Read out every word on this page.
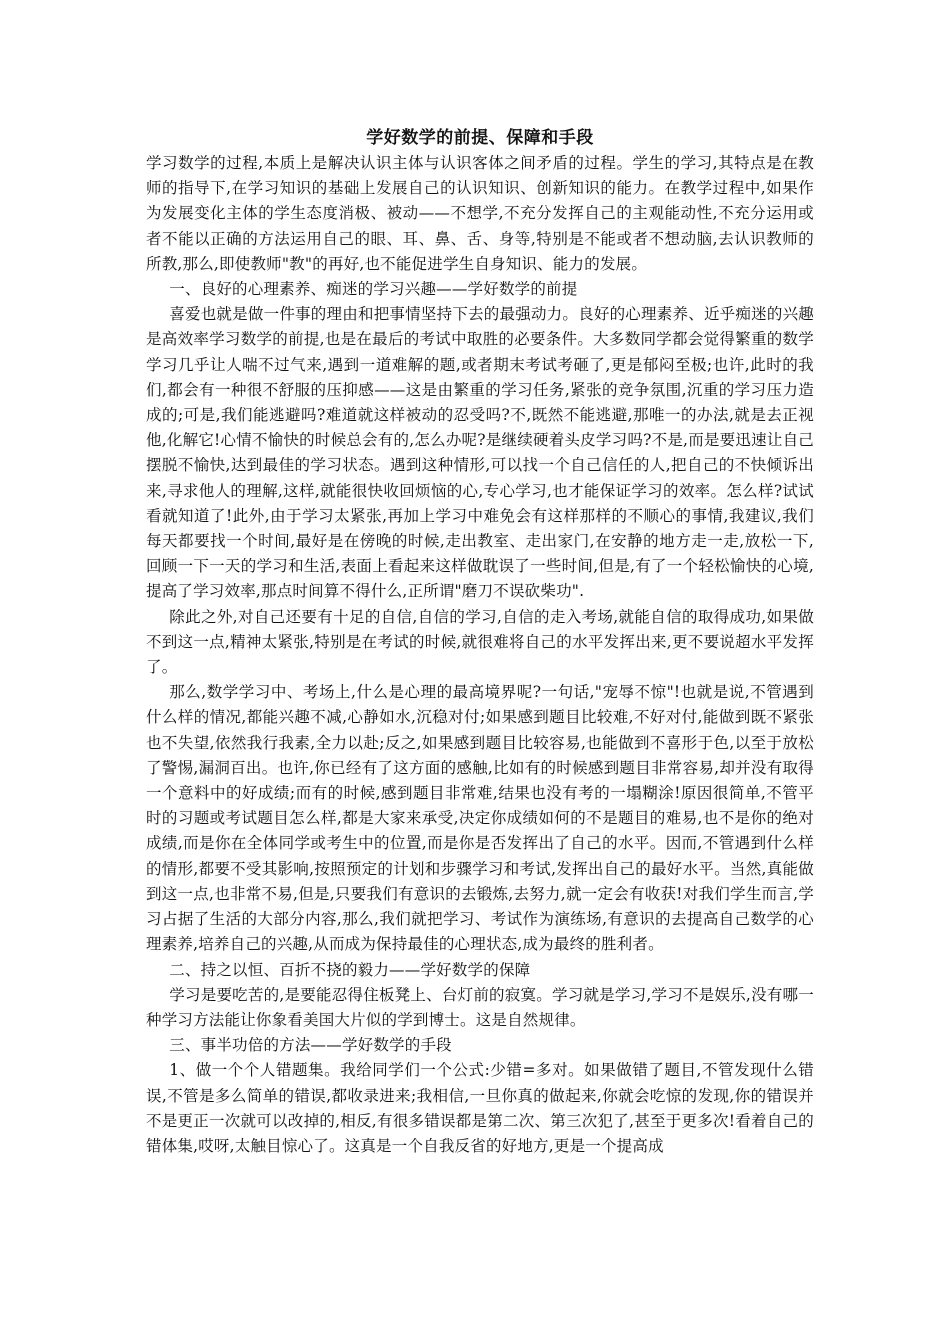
学好数学的前提、保障和手段

学习数学的过程,本质上是解决认识主体与认识客体之间矛盾的过程。学生的学习,其特点是在教师的指导下,在学习知识的基础上发展自己的认识知识、创新知识的能力。在教学过程中,如果作为发展变化主体的学生态度消极、被动——不想学,不充分发挥自己的主观能动性,不充分运用或者不能以正确的方法运用自己的眼、耳、鼻、舌、身等,特别是不能或者不想动脑,去认识教师的所教,那么,即使教师"教"的再好,也不能促进学生自身知识、能力的发展。

一、良好的心理素养、痴迷的学习兴趣——学好数学的前提

喜爱也就是做一件事的理由和把事情坚持下去的最强动力。良好的心理素养、近乎痴迷的兴趣是高效率学习数学的前提,也是在最后的考试中取胜的必要条件。大多数同学都会觉得繁重的数学学习几乎让人喘不过气来,遇到一道难解的题,或者期末考试考砸了,更是郁闷至极;也许,此时的我们,都会有一种很不舒服的压抑感——这是由繁重的学习任务,紧张的竞争氛围,沉重的学习压力造成的;可是,我们能逃避吗?难道就这样被动的忍受吗?不,既然不能逃避,那唯一的办法,就是去正视他,化解它!心情不愉快的时候总会有的,怎么办呢?是继续硬着头皮学习吗?不是,而是要迅速让自己摆脱不愉快,达到最佳的学习状态。遇到这种情形,可以找一个自己信任的人,把自己的不快倾诉出来,寻求他人的理解,这样,就能很快收回烦恼的心,专心学习,也才能保证学习的效率。怎么样?试试看就知道了!此外,由于学习太紧张,再加上学习中难免会有这样那样的不顺心的事情,我建议,我们每天都要找一个时间,最好是在傍晚的时候,走出教室、走出家门,在安静的地方走一走,放松一下,回顾一下一天的学习和生活,表面上看起来这样做耽误了一些时间,但是,有了一个轻松愉快的心境,提高了学习效率,那点时间算不得什么,正所谓"磨刀不误砍柴功".

除此之外,对自己还要有十足的自信,自信的学习,自信的走入考场,就能自信的取得成功,如果做不到这一点,精神太紧张,特别是在考试的时候,就很难将自己的水平发挥出来,更不要说超水平发挥了。

那么,数学学习中、考场上,什么是心理的最高境界呢?一句话,"宠辱不惊"!也就是说,不管遇到什么样的情况,都能兴趣不减,心静如水,沉稳对付;如果感到题目比较难,不好对付,能做到既不紧张也不失望,依然我行我素,全力以赴;反之,如果感到题目比较容易,也能做到不喜形于色,以至于放松了警惕,漏洞百出。也许,你已经有了这方面的感触,比如有的时候感到题目非常容易,却并没有取得一个意料中的好成绩;而有的时候,感到题目非常难,结果也没有考的一塌糊涂!原因很简单,不管平时的习题或考试题目怎么样,都是大家来承受,决定你成绩如何的不是题目的难易,也不是你的绝对成绩,而是你在全体同学或考生中的位置,而是你是否发挥出了自己的水平。因而,不管遇到什么样的情形,都要不受其影响,按照预定的计划和步骤学习和考试,发挥出自己的最好水平。当然,真能做到这一点,也非常不易,但是,只要我们有意识的去锻炼,去努力,就一定会有收获!对我们学生而言,学习占据了生活的大部分内容,那么,我们就把学习、考试作为演练场,有意识的去提高自己数学的心理素养,培养自己的兴趣,从而成为保持最佳的心理状态,成为最终的胜利者。

二、持之以恒、百折不挠的毅力——学好数学的保障

学习是要吃苦的,是要能忍得住板凳上、台灯前的寂寞。学习就是学习,学习不是娱乐,没有哪一种学习方法能让你象看美国大片似的学到博士。这是自然规律。

三、事半功倍的方法——学好数学的手段

1、做一个个人错题集。我给同学们一个公式:少错=多对。如果做错了题目,不管发现什么错误,不管是多么简单的错误,都收录进来;我相信,一旦你真的做起来,你就会吃惊的发现,你的错误并不是更正一次就可以改掉的,相反,有很多错误都是第二次、第三次犯了,甚至于更多次!看着自己的错体集,哎呀,太触目惊心了。这真是一个自我反省的好地方,更是一个提高成
